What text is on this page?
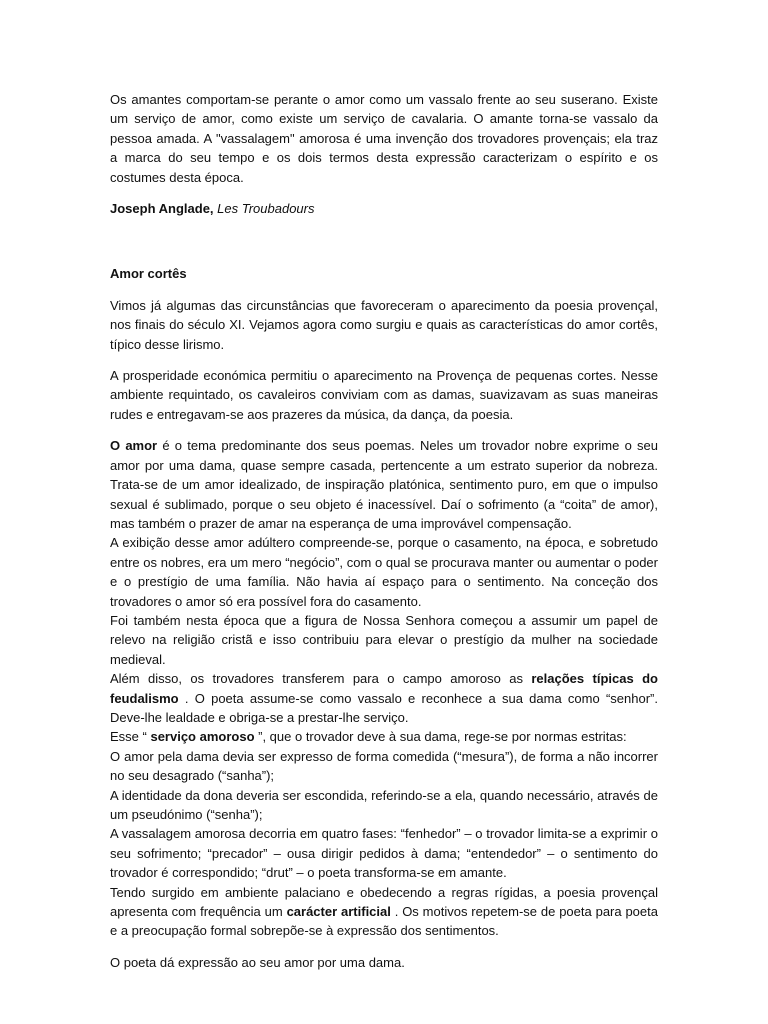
Os amantes comportam-se perante o amor como um vassalo frente ao seu suserano. Existe um serviço de amor, como existe um serviço de cavalaria. O amante torna-se vassalo da pessoa amada. A "vassalagem" amorosa é uma invenção dos trovadores provençais; ela traz a marca do seu tempo e os dois termos desta expressão caracterizam o espírito e os costumes desta época.

Joseph Anglade, Les Troubadours

Amor cortês

Vimos já algumas das circunstâncias que favoreceram o aparecimento da poesia provençal, nos finais do século XI. Vejamos agora como surgiu e quais as características do amor cortês, típico desse lirismo.

A prosperidade económica permitiu o aparecimento na Provença de pequenas cortes. Nesse ambiente requintado, os cavaleiros conviviam com as damas, suavizavam as suas maneiras rudes e entregavam-se aos prazeres da música, da dança, da poesia.

O amor é o tema predominante dos seus poemas. Neles um trovador nobre exprime o seu amor por uma dama, quase sempre casada, pertencente a um estrato superior da nobreza. Trata-se de um amor idealizado, de inspiração platónica, sentimento puro, em que o impulso sexual é sublimado, porque o seu objeto é inacessível. Daí o sofrimento (a “coita” de amor), mas também o prazer de amar na esperança de uma improvável compensação.

A exibição desse amor adúltero compreende-se, porque o casamento, na época, e sobretudo entre os nobres, era um mero “negócio”, com o qual se procurava manter ou aumentar o poder e o prestígio de uma família. Não havia aí espaço para o sentimento. Na conceção dos trovadores o amor só era possível fora do casamento.

Foi também nesta época que a figura de Nossa Senhora começou a assumir um papel de relevo na religião cristã e isso contribuiu para elevar o prestígio da mulher na sociedade medieval.

Além disso, os trovadores transferem para o campo amoroso as relações típicas do feudalismo . O poeta assume-se como vassalo e reconhece a sua dama como “senhor”. Deve-lhe lealdade e obriga-se a prestar-lhe serviço.

Esse “ serviço amoroso ”, que o trovador deve à sua dama, rege-se por normas estritas:

O amor pela dama devia ser expresso de forma comedida (“mesura”), de forma a não incorrer no seu desagrado (“sanha”);

A identidade da dona deveria ser escondida, referindo-se a ela, quando necessário, através de um pseudónimo (“senha”);

A vassalagem amorosa decorria em quatro fases: “fenhedor” – o trovador limita-se a exprimir o seu sofrimento; “precador” – ousa dirigir pedidos à dama; “entendedor” – o sentimento do trovador é correspondido; “drut” – o poeta transforma-se em amante.

Tendo surgido em ambiente palaciano e obedecendo a regras rígidas, a poesia provençal apresenta com frequência um carácter artificial . Os motivos repetem-se de poeta para poeta e a preocupação formal sobrepõe-se à expressão dos sentimentos.

O poeta dá expressão ao seu amor por uma dama.
